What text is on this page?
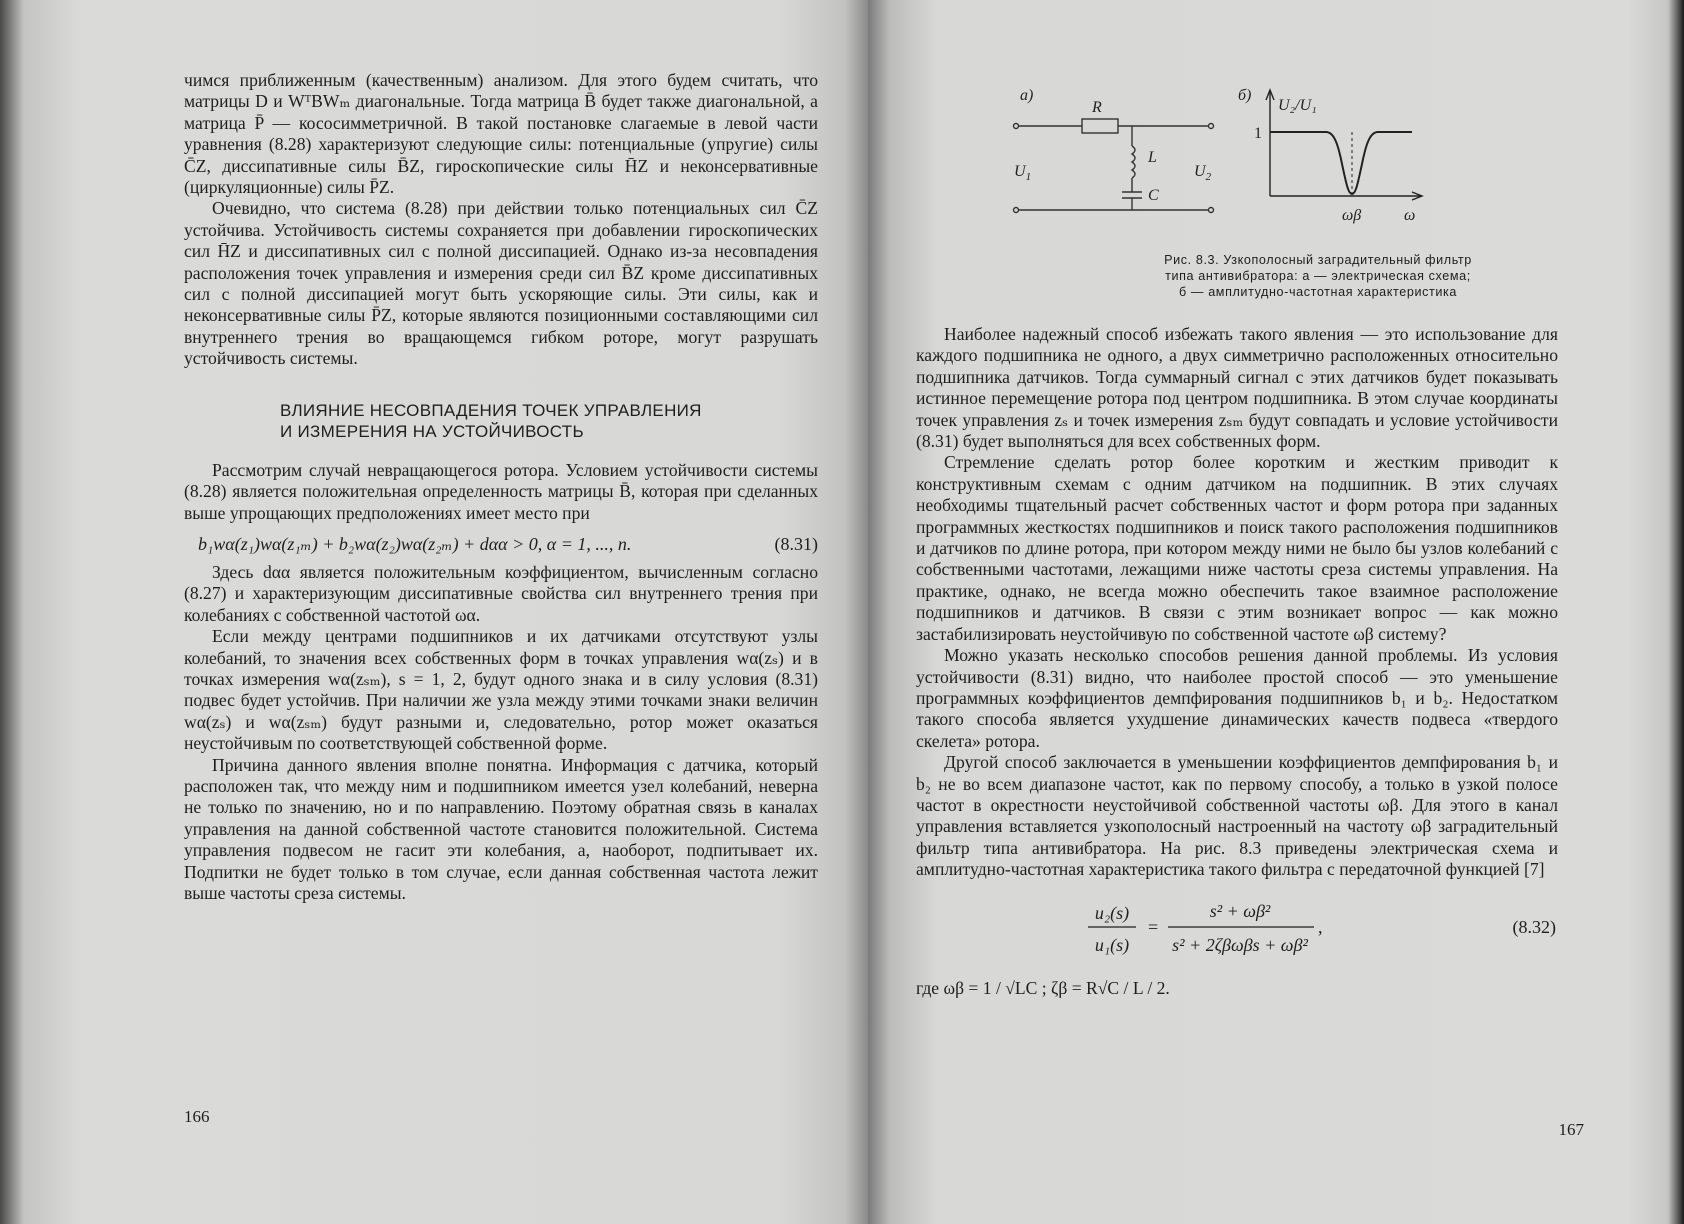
чимся приближенным (качественным) анализом. Для этого будем считать, что матрицы D и WᵀBWₘ диагональные. Тогда матрица B̄ будет также диагональной, а матрица P̄ — кососимметричной. В такой постановке слагаемые в левой части уравнения (8.28) характеризуют следующие силы: потенциальные (упругие) силы C̄Z, диссипативные силы B̄Z, гироскопические силы H̄Z и неконсервативные (циркуляционные) силы P̄Z.

Очевидно, что система (8.28) при действии только потенциальных сил C̄Z устойчива. Устойчивость системы сохраняется при добавлении гироскопических сил H̄Z и диссипативных сил с полной диссипацией. Однако из-за несовпадения расположения точек управления и измерения среди сил B̄Z кроме диссипативных сил с полной диссипацией могут быть ускоряющие силы. Эти силы, как и неконсервативные силы P̄Z, которые являются позиционными составляющими сил внутреннего трения во вращающемся гибком роторе, могут разрушать устойчивость системы.

ВЛИЯНИЕ НЕСОВПАДЕНИЯ ТОЧЕК УПРАВЛЕНИЯ
И ИЗМЕРЕНИЯ НА УСТОЙЧИВОСТЬ

Рассмотрим случай невращающегося ротора. Условием устойчивости системы (8.28) является положительная определенность матрицы B̄, которая при сделанных выше упрощающих предположениях имеет место при

b₁wα(z₁)wα(z₁ₘ) + b₂wα(z₂)wα(z₂ₘ) + dαα > 0, α = 1, ..., n.	(8.31)

Здесь dαα является положительным коэффициентом, вычисленным согласно (8.27) и характеризующим диссипативные свойства сил внутреннего трения при колебаниях с собственной частотой ωα.

Если между центрами подшипников и их датчиками отсутствуют узлы колебаний, то значения всех собственных форм в точках управления wα(zₛ) и в точках измерения wα(zₛₘ), s = 1, 2, будут одного знака и в силу условия (8.31) подвес будет устойчив. При наличии же узла между этими точками знаки величин wα(zₛ) и wα(zₛₘ) будут разными и, следовательно, ротор может оказаться неустойчивым по соответствующей собственной форме.

Причина данного явления вполне понятна. Информация с датчика, который расположен так, что между ним и подшипником имеется узел колебаний, неверна не только по значению, но и по направлению. Поэтому обратная связь в каналах управления на данной собственной частоте становится положительной. Система управления подвесом не гасит эти колебания, а, наоборот, подпитывает их. Подпитки не будет только в том случае, если данная собственная частота лежит выше частоты среза системы.

166
а)
R
L
C
$U_1$	$U_2$
б)
U₂/U₁
1
ωβ	ω
Рис. 8.3. Узкополосный заградительный фильтр
типа антивибратора: а — электрическая схема;
б — амплитудно-частотная характеристика

Наиболее надежный способ избежать такого явления — это использование для каждого подшипника не одного, а двух симметрично расположенных относительно подшипника датчиков. Тогда суммарный сигнал с этих датчиков будет показывать истинное перемещение ротора под центром подшипника. В этом случае координаты точек управления zₛ и точек измерения zₛₘ будут совпадать и условие устойчивости (8.31) будет выполняться для всех собственных форм.

Стремление сделать ротор более коротким и жестким приводит к конструктивным схемам с одним датчиком на подшипник. В этих случаях необходимы тщательный расчет собственных частот и форм ротора при заданных программных жесткостях подшипников и поиск такого расположения подшипников и датчиков по длине ротора, при котором между ними не было бы узлов колебаний с собственными частотами, лежащими ниже частоты среза системы управления. На практике, однако, не всегда можно обеспечить такое взаимное расположение подшипников и датчиков. В связи с этим возникает вопрос — как можно застабилизировать неустойчивую по собственной частоте ωβ систему?

Можно указать несколько способов решения данной проблемы. Из условия устойчивости (8.31) видно, что наиболее простой способ — это уменьшение программных коэффициентов демпфирования подшипников b₁ и b₂. Недостатком такого способа является ухудшение динамических качеств подвеса «твердого скелета» ротора.

Другой способ заключается в уменьшении коэффициентов демпфирования b₁ и b₂ не во всем диапазоне частот, как по первому способу, а только в узкой полосе частот в окрестности неустойчивой собственной частоты ωβ. Для этого в канал управления вставляется узкополосный настроенный на частоту ωβ заградительный фильтр типа антивибратора. На рис. 8.3 приведены электрическая схема и амплитудно-частотная характеристика такого фильтра с передаточной функцией [7]

u₂(s)
u₁(s)
=
s² + ωβ²
s² + 2ζβωβs + ωβ²
,	(8.32)
где ωβ = 1 / √LC ; ζβ = R√C / L / 2.
167
